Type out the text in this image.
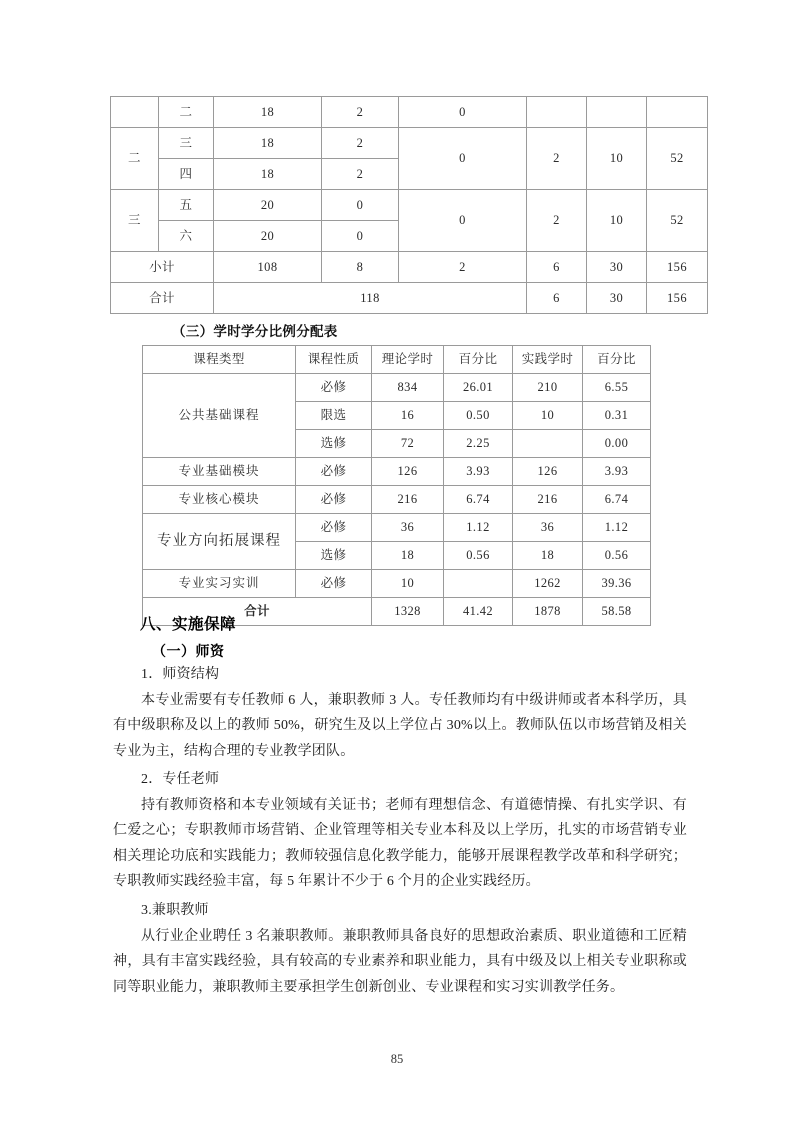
	二	18	2	0			
二	三	18	2	0	2	10	52
	四	18	2				
三	五	20	0	0	2	10	52
	六	20	0				
小计		108	8	2	6	30	156
合计		118			6	30	156
（三）学时学分比例分配表
课程类型	课程性质	理论学时	百分比	实践学时	百分比
公共基础课程	必修	834	26.01	210	6.55
	限选	16	0.50	10	0.31
	选修	72	2.25		0.00
专业基础模块	必修	126	3.93	126	3.93
专业核心模块	必修	216	6.74	216	6.74
专业方向拓展课程	必修	36	1.12	36	1.12
	选修	18	0.56	18	0.56
专业实习实训	必修	10		1262	39.36
合计		1328	41.42	1878	58.58
八、实施保障
（一）师资
1．师资结构

本专业需要有专任教师 6 人，兼职教师 3 人。专任教师均有中级讲师或者本科学历，具有中级职称及以上的教师 50%，研究生及以上学位占 30%以上。教师队伍以市场营销及相关专业为主，结构合理的专业教学团队。

2．专任老师

持有教师资格和本专业领域有关证书；老师有理想信念、有道德情操、有扎实学识、有仁爱之心；专职教师市场营销、企业管理等相关专业本科及以上学历，扎实的市场营销专业相关理论功底和实践能力；教师较强信息化教学能力，能够开展课程教学改革和科学研究；专职教师实践经验丰富，每 5 年累计不少于 6 个月的企业实践经历。

3.兼职教师

从行业企业聘任 3 名兼职教师。兼职教师具备良好的思想政治素质、职业道德和工匠精神，具有丰富实践经验，具有较高的专业素养和职业能力，具有中级及以上相关专业职称或同等职业能力，兼职教师主要承担学生创新创业、专业课程和实习实训教学任务。

85
